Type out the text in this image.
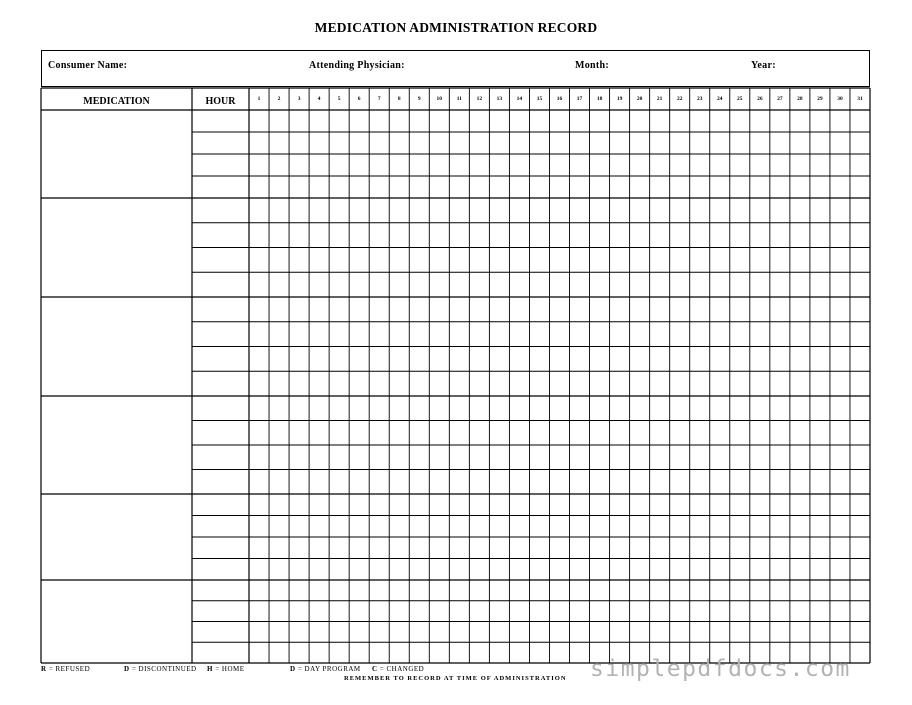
MEDICATION ADMINISTRATION RECORD
Consumer Name:	Attending Physician:	Month:	Year:
MEDICATION	HOUR	1	2	3	4	5	6	7	8	9	10	11	12	13	14	15	16	17	18	19	20	21	22	23	24	25	26	27	28	29	30	31
R = REFUSED	D = DISCONTINUED H = HOME	D = DAY PROGRAM C = CHANGED
REMEMBER TO RECORD AT TIME OF ADMINISTRATION simplepdfdocs.com
